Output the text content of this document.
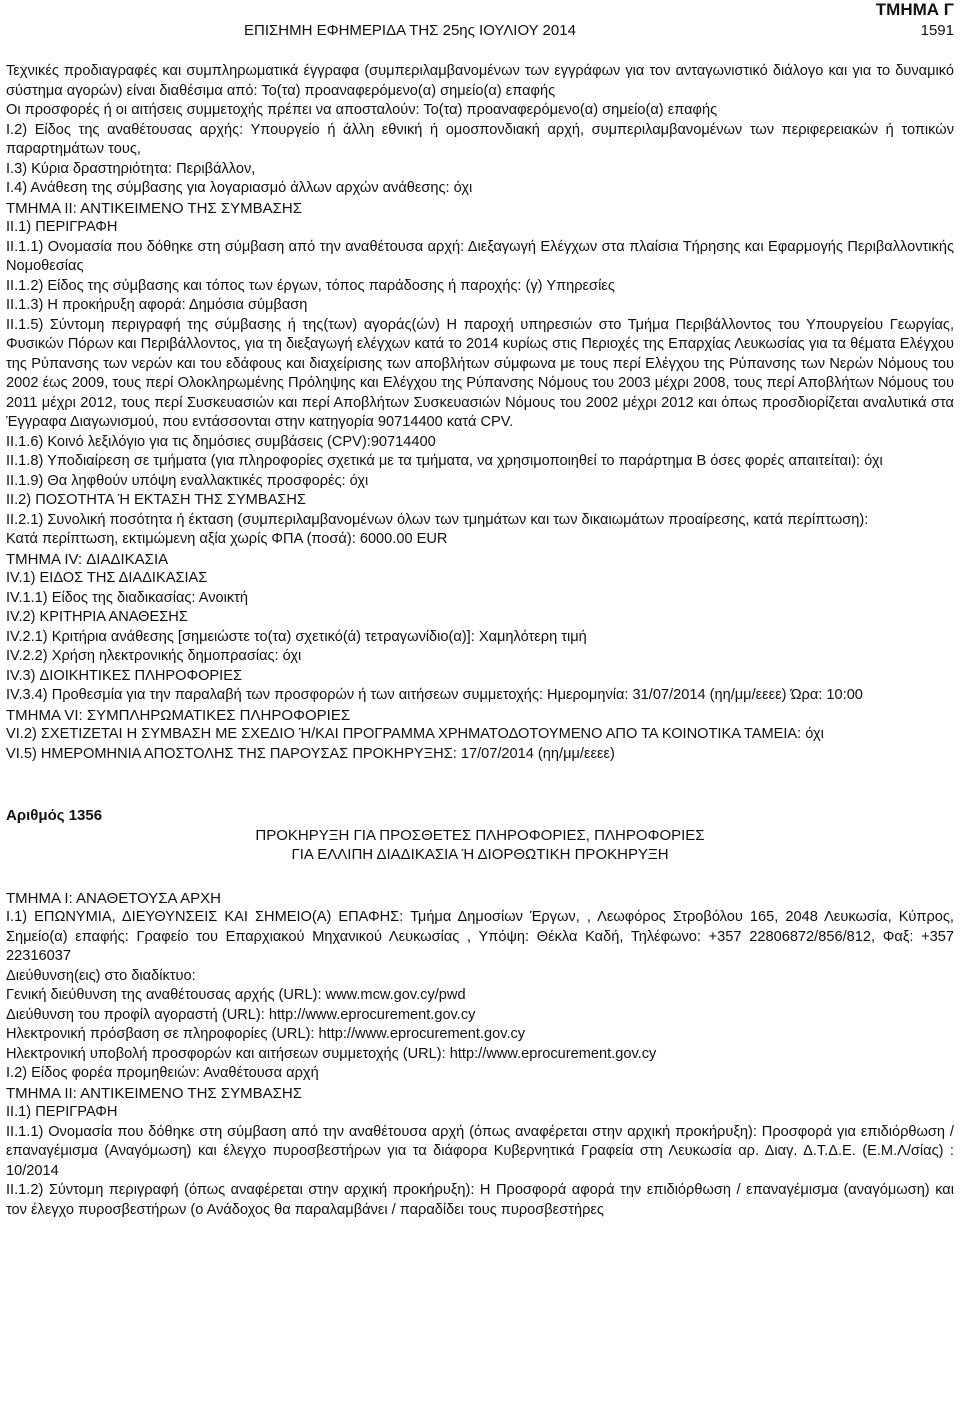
ΤΜΗΜΑ Γ
ΕΠΙΣΗΜΗ ΕΦΗΜΕΡΙΔΑ ΤΗΣ 25ης ΙΟΥΛΙΟΥ 2014	1591

Τεχνικές προδιαγραφές και συμπληρωματικά έγγραφα (συμπεριλαμβανομένων των εγγράφων για τον ανταγωνιστικό διάλογο και για το δυναμικό σύστημα αγορών) είναι διαθέσιμα από: Το(τα) προαναφερόμενο(α) σημείο(α) επαφής

Οι προσφορές ή οι αιτήσεις συμμετοχής πρέπει να αποσταλούν: Το(τα) προαναφερόμενο(α) σημείο(α) επαφής

Ι.2) Είδος της αναθέτουσας αρχής: Υπουργείο ή άλλη εθνική ή ομοσπονδιακή αρχή, συμπεριλαμβανομένων των περιφερειακών ή τοπικών παραρτημάτων τους,

Ι.3) Κύρια δραστηριότητα: Περιβάλλον,

Ι.4) Ανάθεση της σύμβασης για λογαριασμό άλλων αρχών ανάθεσης: όχι

ΤΜΗΜΑ ΙΙ: ΑΝΤΙΚΕΙΜΕΝΟ ΤΗΣ ΣΥΜΒΑΣΗΣ

ΙΙ.1) ΠΕΡΙΓΡΑΦΗ

ΙΙ.1.1) Ονομασία που δόθηκε στη σύμβαση από την αναθέτουσα αρχή: Διεξαγωγή Ελέγχων στα πλαίσια Τήρησης και Εφαρμογής Περιβαλλοντικής Νομοθεσίας

ΙΙ.1.2) Είδος της σύμβασης και τόπος των έργων, τόπος παράδοσης ή παροχής: (γ) Υπηρεσίες

ΙΙ.1.3) Η προκήρυξη αφορά: Δημόσια σύμβαση

ΙΙ.1.5) Σύντομη περιγραφή της σύμβασης ή της(των) αγοράς(ών) Η παροχή υπηρεσιών στο Τμήμα Περιβάλλοντος του Υπουργείου Γεωργίας, Φυσικών Πόρων και Περιβάλλοντος, για τη διεξαγωγή ελέγχων κατά το 2014 κυρίως στις Περιοχές της Επαρχίας Λευκωσίας για τα θέματα Ελέγχου της Ρύπανσης των νερών και του εδάφους και διαχείρισης των αποβλήτων σύμφωνα με τους περί Ελέγχου της Ρύπανσης των Νερών Νόμους του 2002 έως 2009, τους περί Ολοκληρωμένης Πρόληψης και Ελέγχου της Ρύπανσης Νόμους του 2003 μέχρι 2008, τους περί Αποβλήτων Νόμους του 2011 μέχρι 2012, τους περί Συσκευασιών και περί Αποβλήτων Συσκευασιών Νόμους του 2002 μέχρι 2012 και όπως προσδιορίζεται αναλυτικά στα Έγγραφα Διαγωνισμού, που εντάσσονται στην κατηγορία 90714400 κατά CPV.

ΙΙ.1.6) Κοινό λεξιλόγιο για τις δημόσιες συμβάσεις (CPV):90714400

ΙΙ.1.8) Υποδιαίρεση σε τμήματα (για πληροφορίες σχετικά με τα τμήματα, να χρησιμοποιηθεί το παράρτημα Β όσες φορές απαιτείται): όχι

ΙΙ.1.9) Θα ληφθούν υπόψη εναλλακτικές προσφορές: όχι

ΙΙ.2) ΠΟΣΟΤΗΤΑ Ή ΕΚΤΑΣΗ ΤΗΣ ΣΥΜΒΑΣΗΣ

ΙΙ.2.1) Συνολική ποσότητα ή έκταση (συμπεριλαμβανομένων όλων των τμημάτων και των δικαιωμάτων προαίρεσης, κατά περίπτωση):

Κατά περίπτωση, εκτιμώμενη αξία χωρίς ΦΠΑ (ποσά): 6000.00 EUR

ΤΜΗΜΑ IV: ΔΙΑΔΙΚΑΣΙΑ

IV.1) ΕΙΔΟΣ ΤΗΣ ΔΙΑΔΙΚΑΣΙΑΣ

IV.1.1) Είδος της διαδικασίας: Ανοικτή

IV.2) ΚΡΙΤΗΡΙΑ ΑΝΑΘΕΣΗΣ

IV.2.1) Κριτήρια ανάθεσης [σημειώστε το(τα) σχετικό(ά) τετραγωνίδιο(α)]: Χαμηλότερη τιμή

IV.2.2) Χρήση ηλεκτρονικής δημοπρασίας: όχι

IV.3) ΔΙΟΙΚΗΤΙΚΕΣ ΠΛΗΡΟΦΟΡΙΕΣ

IV.3.4) Προθεσμία για την παραλαβή των προσφορών ή των αιτήσεων συμμετοχής: Ημερομηνία: 31/07/2014 (ηη/μμ/εεεε) Ώρα: 10:00

ΤΜΗΜΑ VI: ΣΥΜΠΛΗΡΩΜΑΤΙΚΕΣ ΠΛΗΡΟΦΟΡΙΕΣ

VI.2) ΣΧΕΤΙΖΕΤΑΙ Η ΣΥΜΒΑΣΗ ΜΕ ΣΧΕΔΙΟ Ή/ΚΑΙ ΠΡΟΓΡΑΜΜΑ ΧΡΗΜΑΤΟΔΟΤΟΥΜΕΝΟ ΑΠΟ ΤΑ ΚΟΙΝΟΤΙΚΑ ΤΑΜΕΙΑ: όχι

VI.5) ΗΜΕΡΟΜΗΝΙΑ ΑΠΟΣΤΟΛΗΣ ΤΗΣ ΠΑΡΟΥΣΑΣ ΠΡΟΚΗΡΥΞΗΣ: 17/07/2014 (ηη/μμ/εεεε)

Αριθμός 1356

ΠΡΟΚΗΡΥΞΗ ΓΙΑ ΠΡΟΣΘΕΤΕΣ ΠΛΗΡΟΦΟΡΙΕΣ, ΠΛΗΡΟΦΟΡΙΕΣ

ΓΙΑ ΕΛΛΙΠΗ ΔΙΑΔΙΚΑΣΙΑ Ή ΔΙΟΡΘΩΤΙΚΗ ΠΡΟΚΗΡΥΞΗ

ΤΜΗΜΑ Ι: ΑΝΑΘΕΤΟΥΣΑ ΑΡΧΗ

Ι.1) ΕΠΩΝΥΜΙΑ, ΔΙΕΥΘΥΝΣΕΙΣ ΚΑΙ ΣΗΜΕΙΟ(Α) ΕΠΑΦΗΣ: Τμήμα Δημοσίων Έργων, , Λεωφόρος Στροβόλου 165, 2048 Λευκωσία, Κύπρος, Σημείο(α) επαφής: Γραφείο του Επαρχιακού Μηχανικού Λευκωσίας , Υπόψη: Θέκλα Καδή, Τηλέφωνο: +357 22806872/856/812, Φαξ: +357 22316037

Διεύθυνση(εις) στο διαδίκτυο:

Γενική διεύθυνση της αναθέτουσας αρχής (URL): www.mcw.gov.cy/pwd

Διεύθυνση του προφίλ αγοραστή (URL): http://www.eprocurement.gov.cy

Ηλεκτρονική πρόσβαση σε πληροφορίες (URL): http://www.eprocurement.gov.cy

Ηλεκτρονική υποβολή προσφορών και αιτήσεων συμμετοχής (URL): http://www.eprocurement.gov.cy

Ι.2) Είδος φορέα προμηθειών: Αναθέτουσα αρχή

ΤΜΗΜΑ ΙΙ: ΑΝΤΙΚΕΙΜΕΝΟ ΤΗΣ ΣΥΜΒΑΣΗΣ

ΙΙ.1) ΠΕΡΙΓΡΑΦΗ

ΙΙ.1.1) Ονομασία που δόθηκε στη σύμβαση από την αναθέτουσα αρχή (όπως αναφέρεται στην αρχική προκήρυξη): Προσφορά για επιδιόρθωση / επαναγέμισμα (Αναγόμωση) και έλεγχο πυροσβεστήρων για τα διάφορα Κυβερνητικά Γραφεία στη Λευκωσία αρ. Διαγ. Δ.Τ.Δ.Ε. (Ε.Μ.Λ/σίας) : 10/2014

ΙΙ.1.2) Σύντομη περιγραφή (όπως αναφέρεται στην αρχική προκήρυξη): Η Προσφορά αφορά την επιδιόρθωση / επαναγέμισμα (αναγόμωση) και τον έλεγχο πυροσβεστήρων (ο Ανάδοχος θα παραλαμβάνει / παραδίδει τους πυροσβεστήρες
